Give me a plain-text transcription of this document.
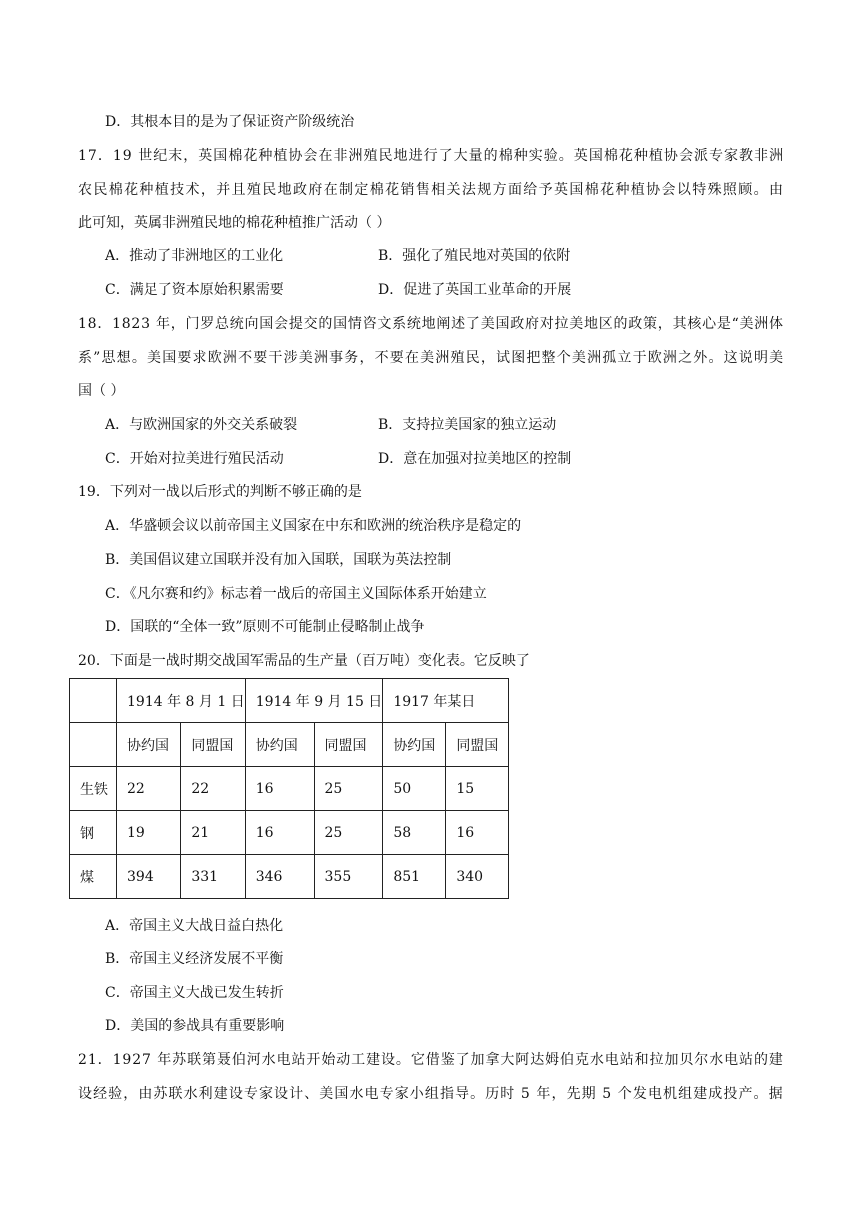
D．其根本目的是为了保证资产阶级统治
17．19 世纪末，英国棉花种植协会在非洲殖民地进行了大量的棉种实验。英国棉花种植协会派专家教非洲
农民棉花种植技术，并且殖民地政府在制定棉花销售相关法规方面给予英国棉花种植协会以特殊照顾。由
此可知，英属非洲殖民地的棉花种植推广活动（ ）
A．推动了非洲地区的工业化	B．强化了殖民地对英国的依附
C．满足了资本原始积累需要	D．促进了英国工业革命的开展
18．1823 年，门罗总统向国会提交的国情咨文系统地阐述了美国政府对拉美地区的政策，其核心是“美洲体
系”思想。美国要求欧洲不要干涉美洲事务，不要在美洲殖民，试图把整个美洲孤立于欧洲之外。这说明美
国（ ）
A．与欧洲国家的外交关系破裂	B．支持拉美国家的独立运动
C．开始对拉美进行殖民活动	D．意在加强对拉美地区的控制
19．下列对一战以后形式的判断不够正确的是
A．华盛顿会议以前帝国主义国家在中东和欧洲的统治秩序是稳定的
B．美国倡议建立国联并没有加入国联，国联为英法控制
C．《凡尔赛和约》标志着一战后的帝国主义国际体系开始建立
D．国联的“全体一致”原则不可能制止侵略制止战争
20．下面是一战时期交战国军需品的生产量（百万吨）变化表。它反映了
	1914 年 8 月 1 日		1914 年 9 月 15 日		1917 年某日	
	协约国	同盟国	协约国	同盟国	协约国	同盟国
生铁	22	22	16	25	50	15
钢	19	21	16	25	58	16
煤	394	331	346	355	851	340
A．帝国主义大战日益白热化
B．帝国主义经济发展不平衡
C．帝国主义大战已发生转折
D．美国的参战具有重要影响
21．1927 年苏联第聂伯河水电站开始动工建设。它借鉴了加拿大阿达姆伯克水电站和拉加贝尔水电站的建
设经验，由苏联水利建设专家设计、美国水电专家小组指导。历时 5 年，先期 5 个发电机组建成投产。据
